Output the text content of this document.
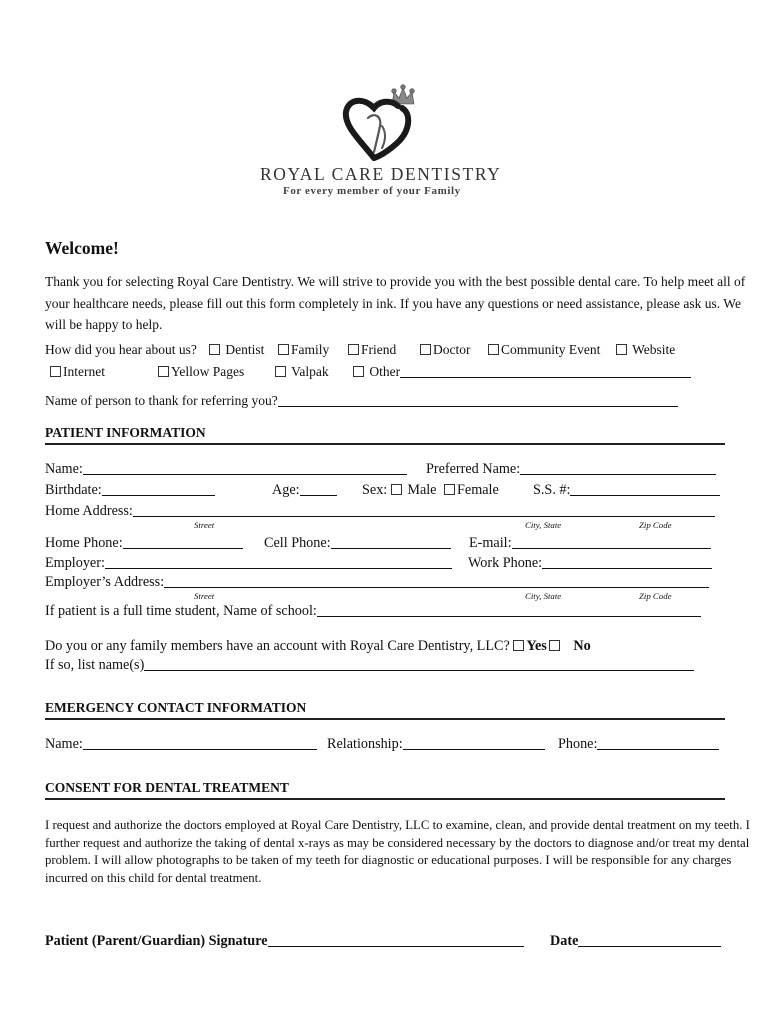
ROYAL CARE DENTISTRY
For every member of your Family
Welcome!
Thank you for selecting Royal Care Dentistry. We will strive to provide you with the best possible dental care. To help meet all of your healthcare needs, please fill out this form completely in ink. If you have any questions or need assistance, please ask us. We will be happy to help.
How did you hear about us?	Dentist	Family	Friend	Doctor	Community Event	Website
Internet	Yellow Pages	Valpak	Other
Name of person to thank for referring you?
PATIENT INFORMATION
Name:	Preferred Name:
Birthdate:	Age:	Sex: Male Female S.S. #:
Home Address:
Street	City, State	Zip Code
Home Phone:	Cell Phone:	E-mail:
Employer:	Work Phone:
Employer’s Address:
Street	City, State	Zip Code
If patient is a full time student, Name of school:
Do you or any family members have an account with Royal Care Dentistry, LLC? Yes No
If so, list name(s)
EMERGENCY CONTACT INFORMATION
Name:	Relationship:	Phone:
CONSENT FOR DENTAL TREATMENT
I request and authorize the doctors employed at Royal Care Dentistry, LLC to examine, clean, and provide dental treatment on my teeth. I further request and authorize the taking of dental x-rays as may be considered necessary by the doctors to diagnose and/or treat my dental problem. I will allow photographs to be taken of my teeth for diagnostic or educational purposes. I will be responsible for any charges incurred on this child for dental treatment.
Patient (Parent/Guardian) Signature	Date
